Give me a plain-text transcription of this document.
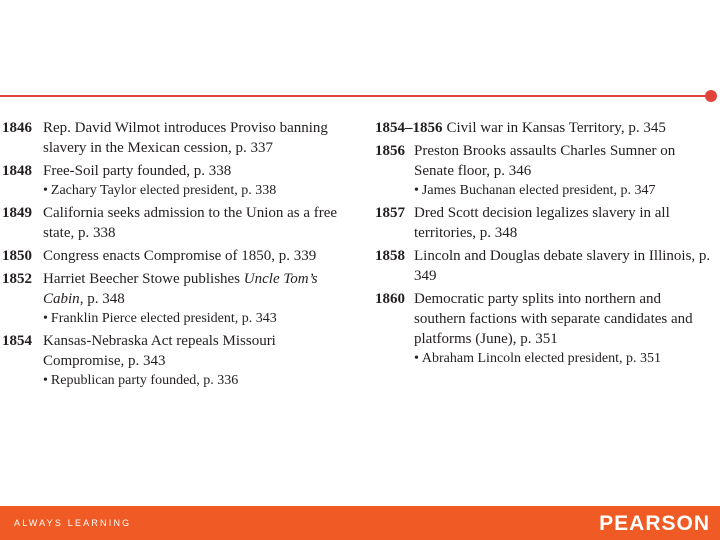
1846 Rep. David Wilmot introduces Proviso banning slavery in the Mexican cession, p. 337
1848 Free-Soil party founded, p. 338
• Zachary Taylor elected president, p. 338
1849 California seeks admission to the Union as a free state, p. 338
1850 Congress enacts Compromise of 1850, p. 339
1852 Harriet Beecher Stowe publishes Uncle Tom’s Cabin, p. 348
• Franklin Pierce elected president, p. 343
1854 Kansas-Nebraska Act repeals Missouri Compromise, p. 343
• Republican party founded, p. 336
1854–1856 Civil war in Kansas Territory, p. 345
1856 Preston Brooks assaults Charles Sumner on Senate floor, p. 346
• James Buchanan elected president, p. 347
1857 Dred Scott decision legalizes slavery in all territories, p. 348
1858 Lincoln and Douglas debate slavery in Illinois, p. 349
1860 Democratic party splits into northern and southern factions with separate candidates and platforms (June), p. 351
• Abraham Lincoln elected president, p. 351
ALWAYS LEARNING	PEARSON
